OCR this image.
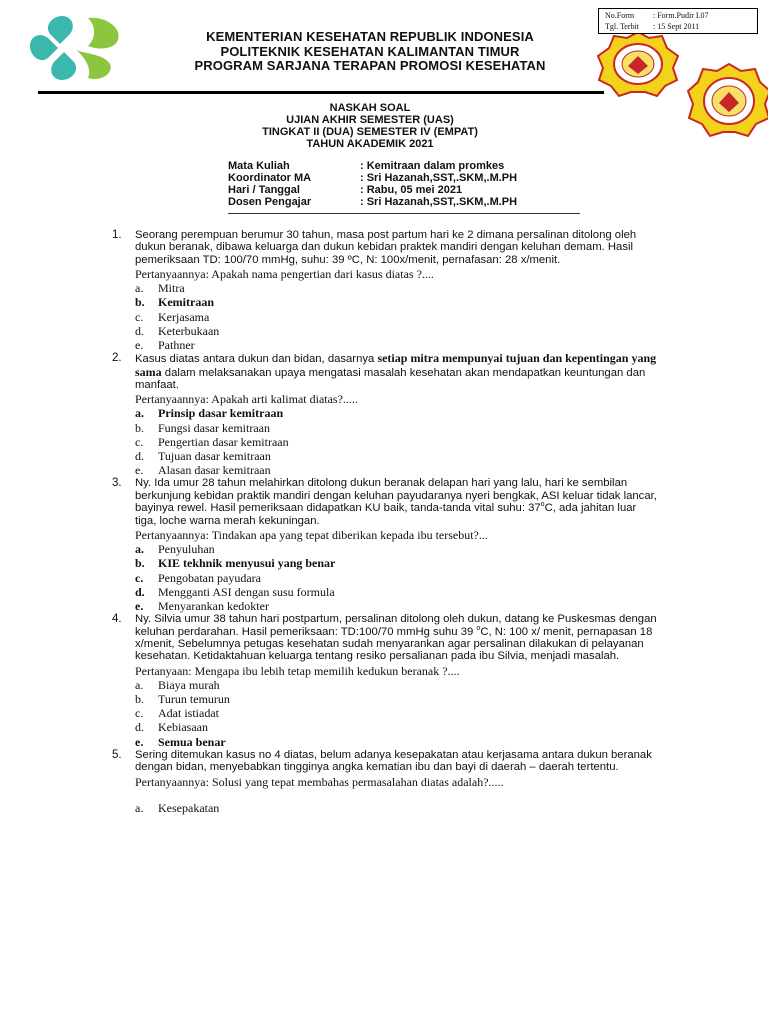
No.Form : Form.Pudir I.07
Tgl. Terbit : 15 Sept 2011
KEMENTERIAN KESEHATAN REPUBLIK INDONESIA
POLITEKNIK KESEHATAN KALIMANTAN TIMUR
PROGRAM SARJANA TERAPAN PROMOSI KESEHATAN
NASKAH SOAL
UJIAN AKHIR SEMESTER (UAS)
TINGKAT II (DUA) SEMESTER IV (EMPAT)
TAHUN AKADEMIK 2021
Mata Kuliah	: Kemitraan dalam promkes
Koordinator MA	: Sri Hazanah,SST,.SKM,.M.PH
Hari / Tanggal	: Rabu, 05 mei 2021
Dosen Pengajar	: Sri Hazanah,SST,.SKM,.M.PH
1.	Seorang perempuan berumur 30 tahun, masa post partum hari ke 2 dimana persalinan ditolong oleh dukun beranak, dibawa keluarga dan dukun kebidan praktek mandiri dengan keluhan demam. Hasil pemeriksaan TD: 100/70 mmHg, suhu: 39 ºC, N: 100x/menit, pernafasan: 28 x/menit.
Pertanyaannya: Apakah nama pengertian dari kasus diatas ?....
a.	Mitra
b.	Kemitraan
c.	Kerjasama
d.	Keterbukaan
e.	Pathner
2.	Kasus diatas antara dukun dan bidan, dasarnya setiap mitra mempunyai tujuan dan kepentingan yang sama dalam melaksanakan upaya mengatasi masalah kesehatan akan mendapatkan keuntungan dan manfaat.
Pertanyaannya: Apakah arti kalimat diatas?.....
a.	Prinsip dasar kemitraan
b.	Fungsi dasar kemitraan
c.	Pengertian dasar kemitraan
d.	Tujuan dasar kemitraan
e.	Alasan dasar kemitraan
3.	Ny. Ida umur 28 tahun melahirkan ditolong dukun beranak delapan hari yang lalu, hari ke sembilan berkunjung kebidan praktik mandiri dengan keluhan payudaranya nyeri bengkak, ASI keluar tidak lancar, bayinya rewel. Hasil pemeriksaan didapatkan KU baik, tanda-tanda vital suhu: 37$^o$C, ada jahitan luar tiga, loche warna merah kekuningan.
Pertanyaannya: Tindakan apa yang tepat diberikan kepada ibu tersebut?...
a.	Penyuluhan
b.	KIE tekhnik menyusui yang benar
c.	Pengobatan payudara
d.	Mengganti ASI dengan susu formula
e.	Menyarankan kedokter
4.	Ny. Silvia umur 38 tahun hari postpartum, persalinan ditolong oleh dukun, datang ke Puskesmas dengan keluhan perdarahan. Hasil pemeriksaan: TD:100/70 mmHg suhu 39 $^o$C, N: 100 x/ menit, pernapasan 18 x/menit, Sebelumnya petugas kesehatan sudah menyarankan agar persalinan dilakukan di pelayanan kesehatan. Ketidaktahuan keluarga tentang resiko persalianan pada ibu Silvia, menjadi masalah.
Pertanyaan: Mengapa ibu lebih tetap memilih kedukun beranak ?....
a.	Biaya murah
b.	Turun temurun
c.	Adat istiadat
d.	Kebiasaan
e.	Semua benar
5.	Sering ditemukan kasus no 4 diatas, belum adanya kesepakatan atau kerjasama antara dukun beranak dengan bidan, menyebabkan tingginya angka kematian ibu dan bayi di daerah – daerah tertentu.
Pertanyaannya: Solusi yang tepat membahas permasalahan diatas adalah?.....
a.	Kesepakatan
